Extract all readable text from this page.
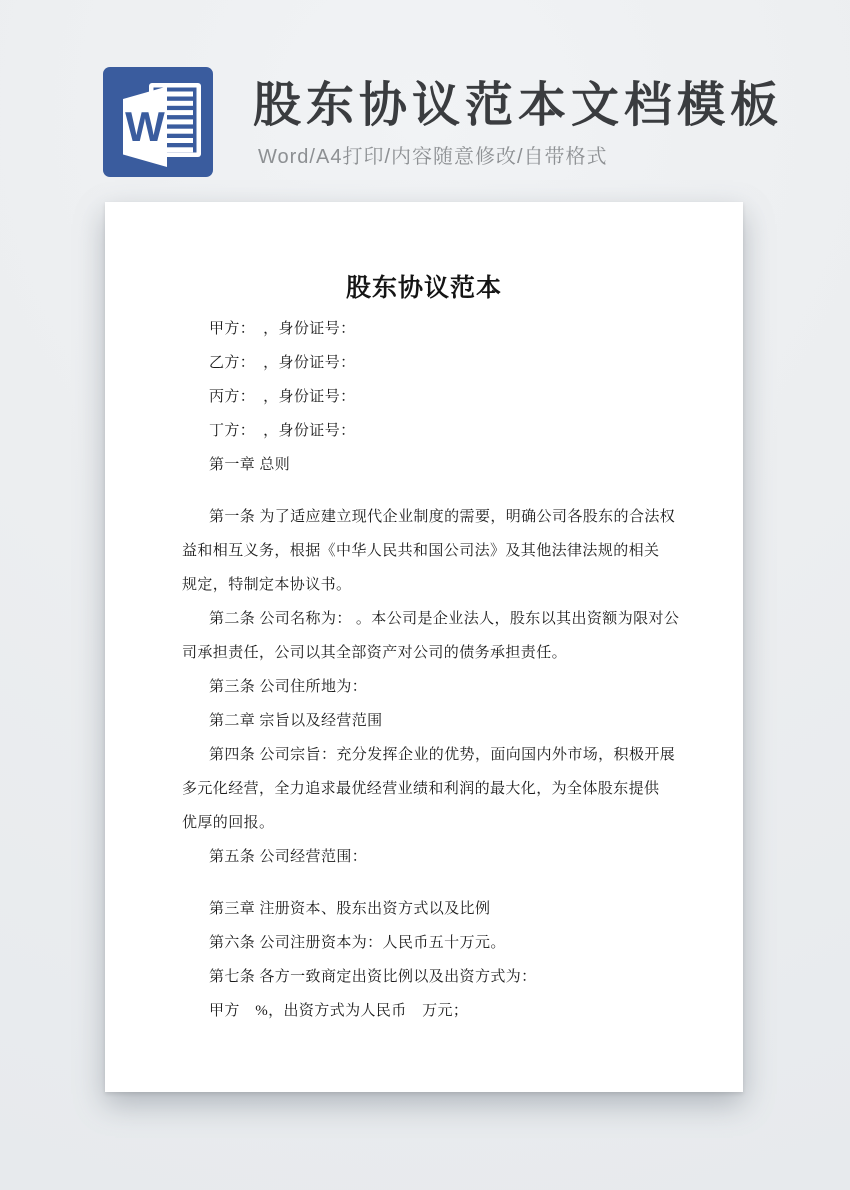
W 股东协议范本文档模板
Word/A4打印/内容随意修改/自带格式
股东协议范本
甲方：　，身份证号：
乙方：　，身份证号：
丙方：　，身份证号：
丁方：　，身份证号：
第一章 总则
第一条 为了适应建立现代企业制度的需要，明确公司各股东的合法权
益和相互义务，根据《中华人民共和国公司法》及其他法律法规的相关
规定，特制定本协议书。
第二条 公司名称为： 。本公司是企业法人，股东以其出资额为限对公
司承担责任，公司以其全部资产对公司的债务承担责任。
第三条 公司住所地为：
第二章 宗旨以及经营范围
第四条 公司宗旨：充分发挥企业的优势，面向国内外市场，积极开展
多元化经营，全力追求最优经营业绩和利润的最大化，为全体股东提供
优厚的回报。
第五条 公司经营范围：
第三章 注册资本、股东出资方式以及比例
第六条 公司注册资本为：人民币五十万元。
第七条 各方一致商定出资比例以及出资方式为：
甲方　%，出资方式为人民币　万元；
